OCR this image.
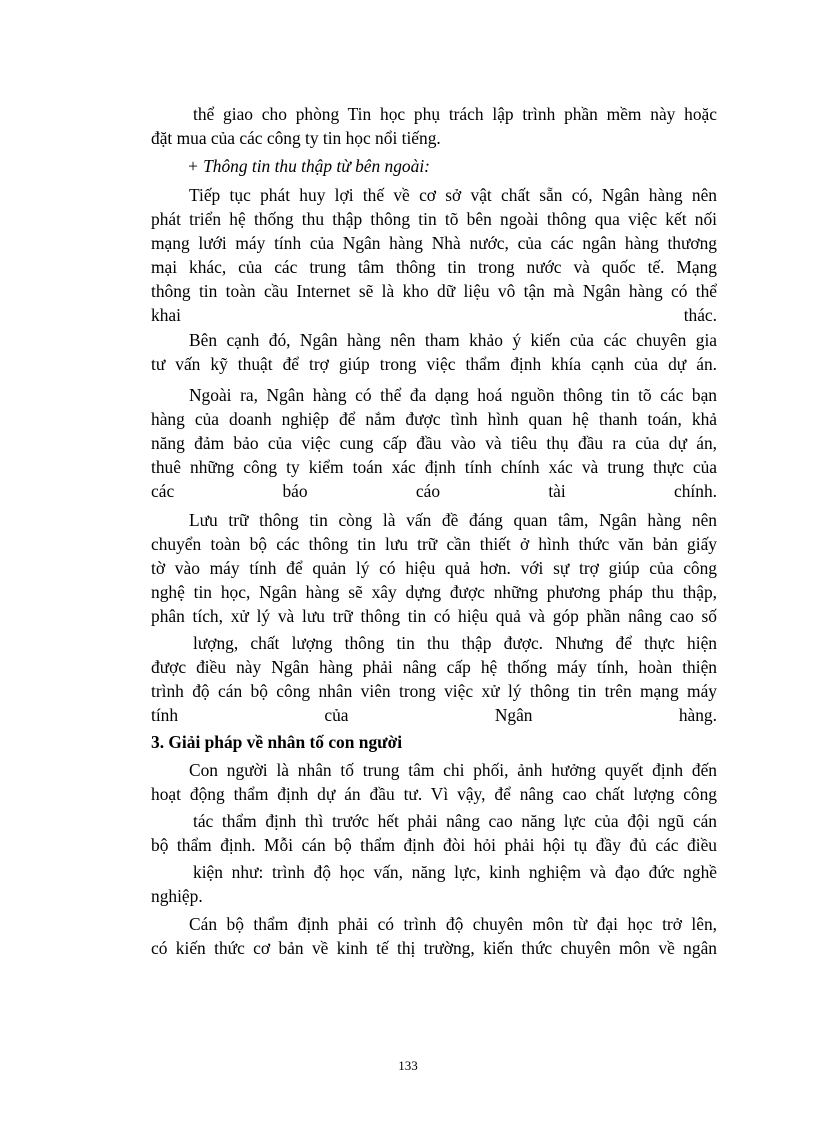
thể giao cho phòng Tin học phụ trách lập trình phần mềm này hoặc
đặt mua của các công ty tin học nổi tiếng.
+ Thông tin thu thập từ bên ngoài:
Tiếp tục phát huy lợi thế về cơ sở vật chất sẵn có, Ngân hàng nên
phát triển hệ thống thu thập thông tin tõ bên ngoài thông qua việc kết nối
mạng lưới máy tính của Ngân hàng Nhà nước, của các ngân hàng thương
mại khác, của các trung tâm thông tin trong nước và quốc tế. Mạng
thông tin toàn cầu Internet sẽ là kho dữ liệu vô tận mà Ngân hàng có thể
khai	thác.
Bên cạnh đó, Ngân hàng nên tham khảo ý kiến của các chuyên gia
tư vấn kỹ thuật để trợ giúp trong việc thẩm định khía cạnh của dự án.
Ngoài ra, Ngân hàng có thể đa dạng hoá nguồn thông tin tõ các bạn
hàng của doanh nghiệp để nắm được tình hình quan hệ thanh toán, khả
năng đảm bảo của việc cung cấp đầu vào và tiêu thụ đầu ra của dự án,
thuê những công ty kiểm toán xác định tính chính xác và trung thực của
các	báo	cáo	tài	chính.
Lưu trữ thông tin còng là vấn đề đáng quan tâm, Ngân hàng nên
chuyển toàn bộ các thông tin lưu trữ cần thiết ở hình thức văn bản giấy
tờ vào máy tính để quản lý có hiệu quả hơn. với sự trợ giúp của công
nghệ tin học, Ngân hàng sẽ xây dựng được những phương pháp thu thập,
phân tích, xử lý và lưu trữ thông tin có hiệu quả và góp phần nâng cao số
lượng, chất lượng thông tin thu thập được. Nhưng để thực hiện
được điều này Ngân hàng phải nâng cấp hệ thống máy tính, hoàn thiện
trình độ cán bộ công nhân viên trong việc xử lý thông tin trên mạng máy
tính	của	Ngân	hàng.
3. Giải pháp về nhân tố con người
Con người là nhân tố trung tâm chi phối, ảnh hưởng quyết định đến
hoạt động thẩm định dự án đầu tư. Vì vậy, để nâng cao chất lượng công
tác thẩm định thì trước hết phải nâng cao năng lực của đội ngũ cán
bộ thẩm định. Mỗi cán bộ thẩm định đòi hỏi phải hội tụ đầy đủ các điều
kiện như: trình độ học vấn, năng lực, kinh nghiệm và đạo đức nghề
nghiệp.
Cán bộ thẩm định phải có trình độ chuyên môn từ đại học trở lên,
có kiến thức cơ bản về kinh tế thị trường, kiến thức chuyên môn về ngân
133
